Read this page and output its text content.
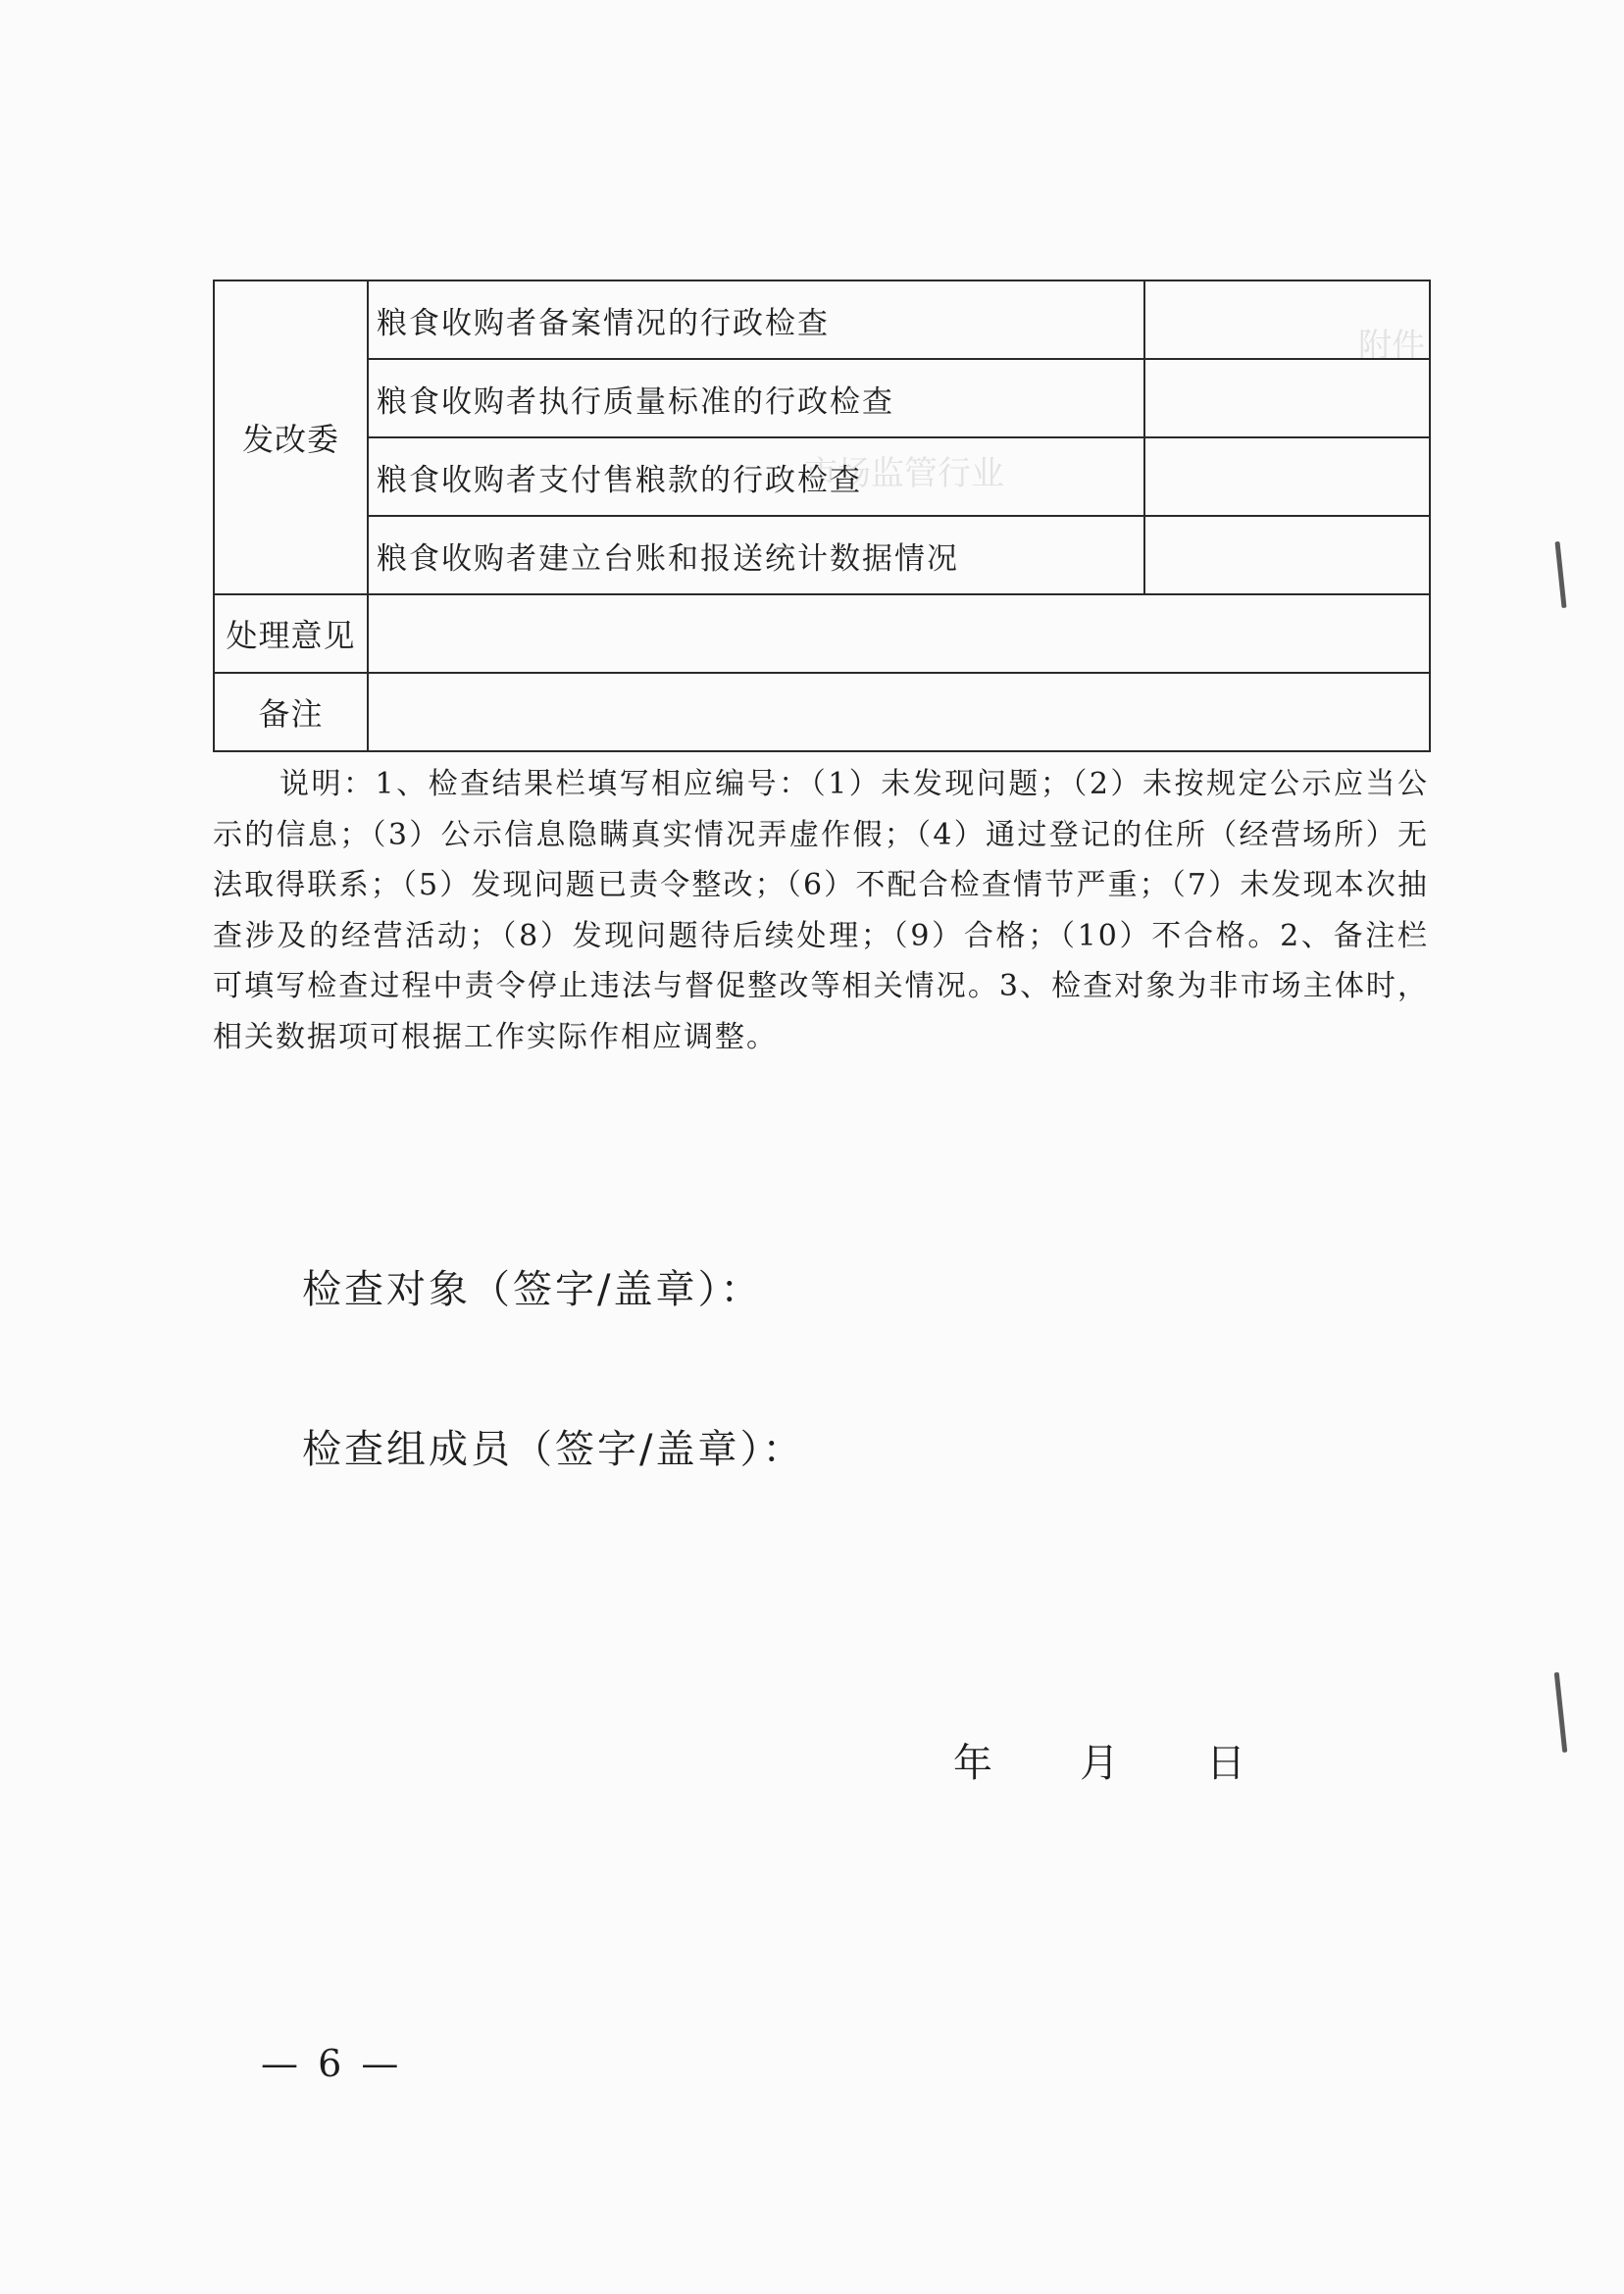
附件
市场监管行业
发改委	粮食收购者备案情况的行政检查	
	粮食收购者执行质量标准的行政检查	
	粮食收购者支付售粮款的行政检查	
	粮食收购者建立台账和报送统计数据情况	
处理意见		
备注		

说明：1、检查结果栏填写相应编号：（1）未发现问题；（2）未按规定公示应当公示的信息；（3）公示信息隐瞒真实情况弄虚作假；（4）通过登记的住所（经营场所）无法取得联系；（5）发现问题已责令整改；（6）不配合检查情节严重；（7）未发现本次抽查涉及的经营活动；（8）发现问题待后续处理；（9）合格；（10）不合格。2、备注栏可填写检查过程中责令停止违法与督促整改等相关情况。3、检查对象为非市场主体时，相关数据项可根据工作实际作相应调整。

检查对象（签字/盖章）：

检查组成员（签字/盖章）：

年 月 日

— 6 —
